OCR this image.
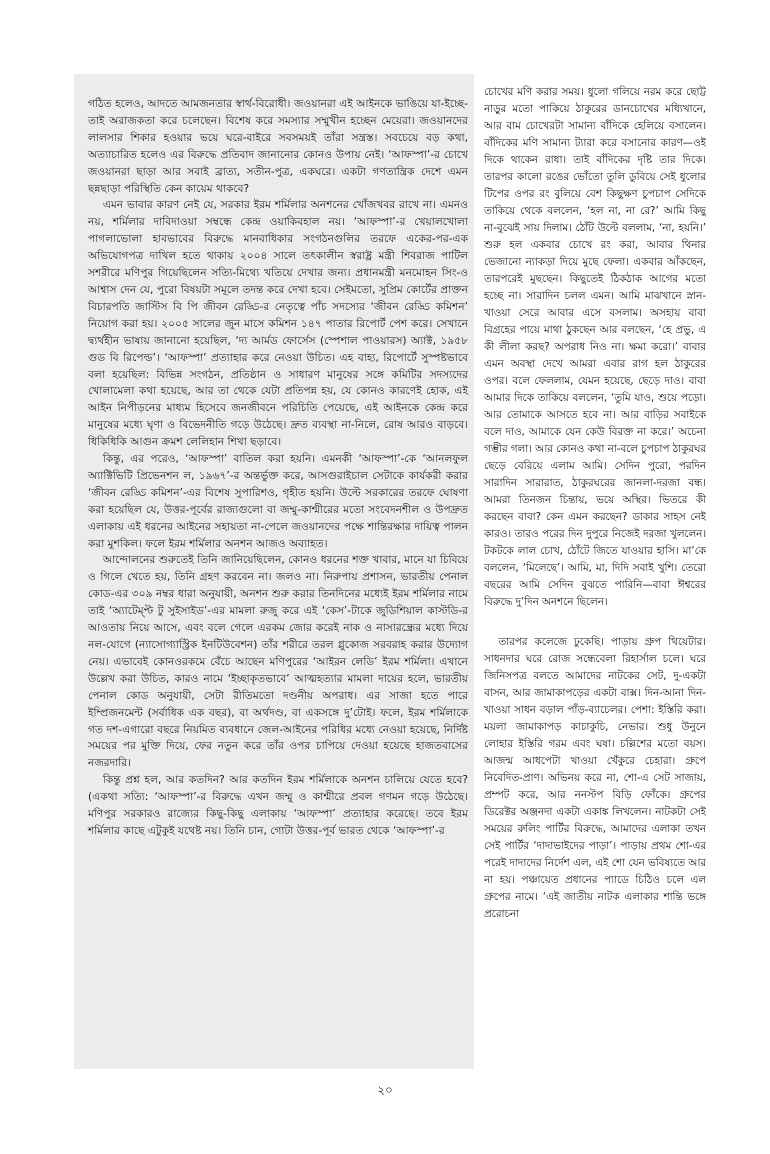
গঠিত হলেও, আদতে আমজনতার স্বার্থ-বিরোধী। জওয়ানরা এই আইনকে ভাঙিয়ে যা-ইচ্ছে-তাই অরাজকতা করে চলেছেন। বিশেষ করে সমস্যার সম্মুখীন হচ্ছেন মেয়েরা। জওয়ানদের লালসার শিকার হওয়ার ভয়ে ঘরে-বাইরে সবসময়ই তাঁরা সন্ত্রস্ত। সবচেয়ে বড় কথা, অত্যাচারিত হলেও এর বিরুদ্ধে প্রতিবাদ জানানোর কোনও উপায় নেই। ‘আফস্পা’-র চোখে জওয়ানরা ছাড়া আর সবাই ব্রাত্য, সতীন-পুত্র, একঘরে। একটা গণতান্ত্রিক দেশে এমন ছন্নছাড়া পরিস্থিতি কেন কায়েম থাকবে?

এমন ভাবার কারণ নেই যে, সরকার ইরম শর্মিলার অনশনের খোঁজখবর রাখে না। এমনও নয়, শর্মিলার দাবিদাওয়া সম্বন্ধে কেন্দ্র ওয়াকিবহাল নয়। ‘আফস্পা’-র খেয়ালখোলা পাগলাভোলা হাবভাবের বিরুদ্ধে মানবাধিকার সংগঠনগুলির তরফে একের-পর-এক অভিযোগপত্র দাখিল হতে থাকায় ২০০৪ সালে তৎকালীন স্বরাষ্ট্র মন্ত্রী শিবরাজ পাটিল সশরীরে মণিপুর গিয়েছিলেন সত্যি-মিথ্যে খতিয়ে দেখার জন্য। প্রধানমন্ত্রী মনমোহন সিং-ও আশ্বাস দেন যে, পুরো বিষয়টা সমূলে তদন্ত করে দেখা হবে। সেইমতো, সুপ্রিম কোর্টের প্রাক্তন বিচারপতি জাস্টিস বি পি জীবন রেড্ডি-র নেতৃত্বে পাঁচ সদস্যের ‘জীবন রেড্ডি কমিশন’ নিয়োগ করা হয়। ২০০৫ সালের জুন মাসে কমিশন ১৪৭ পাতার রিপোর্ট পেশ করে। সেখানে দ্ব্যর্থহীন ভাষায় জানানো হয়েছিল, ‘দ্য আর্মড ফোর্সেস (স্পেশাল পাওয়ারস) অ্যাক্ট, ১৯৫৮ গুড বি রিপেল্ড’। ‘আফস্পা’ প্রত্যাহার করে নেওয়া উচিত। এহ বাহ্য, রিপোর্টে সুস্পষ্টভাবে বলা হয়েছিল: বিভিন্ন সংগঠন, প্রতিষ্ঠান ও সাধারণ মানুষের সঙ্গে কমিটির সদস্যদের খোলামেলা কথা হয়েছে, আর তা থেকে যেটা প্রতিপন্ন হয়, যে কোনও কারণেই হোক, এই আইন নিপীড়নের মাধ্যম হিসেবে জনজীবনে পরিচিতি পেয়েছে, এই আইনকে কেন্দ্র করে মানুষের মধ্যে ঘৃণা ও বিভেদনীতি গড়ে উঠেছে। দ্রুত ব্যবস্থা না-নিলে, রোষ আরও বাড়বে। ধিকিধিকি আগুন ক্রমশ লেলিহান শিখা ছড়াবে।

কিন্তু, এর পরেও, ‘আফস্পা’ বাতিল করা হয়নি। এমনকী ‘আফস্পা’-কে ‘আনলফুল অ্যাক্টিভিটি প্রিভেনশন ল, ১৯৬৭’-র অন্তর্ভুক্ত করে, আসগুরাইচাল সেটাকে কার্যকরী করার ‘জীবন রেড্ডি কমিশন’-এর বিশেষ সুপারিশও, গৃহীত হয়নি। উল্টে সরকারের তরফে ঘোষণা করা হয়েছিল যে, উত্তর-পূর্বের রাজ্যগুলো বা জম্মু-কাশ্মীরের মতো সংবেদনশীল ও উপদ্রুত এলাকায় এই ধরনের আইনের সহায়তা না-পেলে জওয়ানদের পক্ষে শান্তিরক্ষার দায়িত্ব পালন করা মুশকিল। ফলে ইরম শর্মিলার অনশন আজও অব্যাহত।

আন্দোলনের শুরুতেই তিনি জানিয়েছিলেন, কোনও ধরনের শক্ত খাবার, মানে যা চিবিয়ে ও গিলে খেতে হয়, তিনি গ্রহণ করবেন না। জলও না। নিরুপায় প্রশাসন, ভারতীয় পেনাল কোড-এর ৩০৯ নম্বর ধারা অনুযায়ী, অনশন শুরু করার তিনদিনের মধ্যেই ইরম শর্মিলার নামে তাই ‘অ্যাটেম্প্ট টু সুইসাইড’-এর মামলা রুজু করে এই ‘কেস’-টাকে জুডিশিয়াল কাস্টডি-র আওতায় নিয়ে আসে, এবং বলে গেলে এরকম জোর করেই নাক ও নাসারন্ধ্রের মধ্যে দিয়ে নল-যোগে (ন্যাসোগ্যাস্ট্রিক ইনটিউবেশন) তাঁর শরীরে তরল গ্লুকোজ সরবরাহ করার উদ্যোগ নেয়। এভাবেই কোনওরকমে বেঁচে আছেন মণিপুরের ‘আইরন লেডি’ ইরম শর্মিলা। এখানে উল্লেখ করা উচিত, কারও নামে ‘ইচ্ছাকৃতভাবে’ আত্মহত্যার মামলা দায়ের হলে, ভারতীয় পেনাল কোড অনুযায়ী, সেটা রীতিমতো দণ্ডনীয় অপরাধ। এর সাজা হতে পারে ইম্প্রিজনমেন্ট (সর্বাধিক এক বছর), বা অর্থদণ্ড, বা একসঙ্গে দু’টোই। ফলে, ইরম শর্মিলাকে গত দশ-এগারো বছরে নিয়মিত ব্যবধানে জেল-আইনের পরিধির মধ্যে নেওয়া হয়েছে, নির্দিষ্ট সময়ের পর মুক্তি দিয়ে, ফের নতুন করে তাঁর ওপর চাপিয়ে দেওয়া হয়েছে হাজতবাসের নজরদারি।

কিন্তু প্রশ্ন হল, আর কতদিন? আর কতদিন ইরম শর্মিলাকে অনশন চালিয়ে যেতে হবে? (একথা সত্যি: ‘আফস্পা’-র বিরুদ্ধে এখন জম্মু ও কাশ্মীরে প্রবল গণমন গড়ে উঠেছে। মণিপুর সরকারও রাজ্যের কিছু-কিছু এলাকায় ‘আফস্পা’ প্রত্যাহার করেছে। তবে ইরম শর্মিলার কাছে এটুকুই যথেষ্ট নয়। তিনি চান, গোটা উত্তর-পূর্ব ভারত থেকে ‘আফস্পা’-র

চোখের মণি করার সময়। ধুলো গলিয়ে নরম করে ছোট্ট নাড়ুর মতো পাকিয়ে ঠাকুরের ডানচোখের মধ্যিখানে, আর বাম চোখেরটা সামান্য বাঁদিকে হেলিয়ে বসালেন। বাঁদিকের মণি সামান্য ট্যারা করে বসানোর কারণ—ওই দিকে থাকেন রাধা। তাই বাঁদিকের দৃষ্টি তার দিকে। তারপর কালো রঙের ভোঁতো তুলি ডুবিয়ে সেই ধুলোর টিপের ওপর রং বুলিয়ে বেশ কিছুক্ষণ চুপচাপ সেদিকে তাকিয়ে থেকে বললেন, ‘হল না, না রে?’ আমি কিছু না-বুঝেই সায় দিলাম। ঠোঁট উল্টে বললাম, ‘না, হয়নি।’ শুরু হল একবার চোখে রং করা, আবার থিনার ভেজানো ন্যাকড়া দিয়ে মুছে ফেলা। একবার আঁকছেন, তারপরেই মুছছেন। কিছুতেই ঠিকঠাক আগের মতো হচ্ছে না। সারাদিন চলল এমন। আমি মাঝখানে স্নান-খাওয়া সেরে আবার এসে বসলাম। অসহায় বাবা বিগ্রহের পায়ে মাথা ঠুকছেন আর বলছেন, ‘হে প্রভু, এ কী লীলা করছ? অপরাধ নিও না। ক্ষমা করো।’ বাবার এমন অবস্থা দেখে আমরা এবার রাগ হল ঠাকুরের ওপর। বলে ফেললাম, যেমন হয়েছে, ছেড়ে দাও। বাবা আমার দিকে তাকিয়ে বললেন, ‘তুমি যাও, শুয়ে পড়ো। আর তোমাকে আসতে হবে না। আর বাড়ির সবাইকে বলে দাও, আমাকে যেন কেউ বিরক্ত না করে।’ অচেনা গম্ভীর গলা। আর কোনও কথা না-বলে চুপচাপ ঠাকুরঘর ছেড়ে বেরিয়ে এলাম আমি। সেদিন পুরো, পরদিন সারাদিন সারারাত, ঠাকুরঘরের জানলা-দরজা বন্ধ। আমরা তিনজন চিন্তায়, ভয়ে অস্থির। ভিতরে কী করছেন বাবা? কেন এমন করছেন? ডাকার সাহস নেই কারও। তারও পরের দিন দুপুরে নিজেই দরজা খুললেন। টকটকে লাল চোখ, ঠোঁটে জিতে যাওয়ার হাসি। মা’কে বললেন, ‘মিলেছে’। আমি, মা, দিদি সবাই খুশি। তেরো বছরের আমি সেদিন বুঝতে পারিনি—বাবা ঈশ্বরের বিরুদ্ধে দু’দিন অনশনে ছিলেন।

তারপর কলেজে ঢুকেছি। পাড়ায় গ্রুপ থিয়েটার। সাধনদার ঘরে রোজ সন্ধেবেলা রিহার্সাল চলে। ঘরে জিনিসপত্র বলতে আমাদের নাটকের সেট, দু-একটা বাসন, আর জামাকাপড়ের একটা বাক্স। দিন-আনা দিন-খাওয়া সাধন বড়াল পাঁড়-ব্যাচেলর। পেশা: ইস্তিরি করা। ময়লা জামাকাপড় কাচাকুচি, নেভার। শুধু উনুনে লোহার ইস্তিরি গরম এবং ঘষা। চল্লিশের মতো বয়স। আজন্ম আধপেটা খাওয়া খেঁকুরে চেহারা। গ্রুপে নিবেদিত-প্রাণ। অভিনয় করে না, শো-এ সেট সাজায়, প্রম্পট করে, আর ননস্টপ বিড়ি ফোঁকে। গ্রুপের ডিরেক্টর অঞ্জনদা একটা একাঙ্ক লিখলেন। নাটকটা সেই সময়ের রুলিং পার্টির বিরুদ্ধে, আমাদের এলাকা তখন সেই পার্টির ‘দাদাভাইদের পাড়া’। পাড়ায় প্রথম শো-এর পরেই দাদাদের নির্দেশ এল, এই শো যেন ভবিষ্যতে আর না হয়। পঞ্চায়েত প্রধানের প্যাডে চিঠিও চলে এল গ্রুপের নামে। ‘এই জাতীয় নাটক এলাকার শান্তি ভঙ্গে প্ররোচনা

২০
